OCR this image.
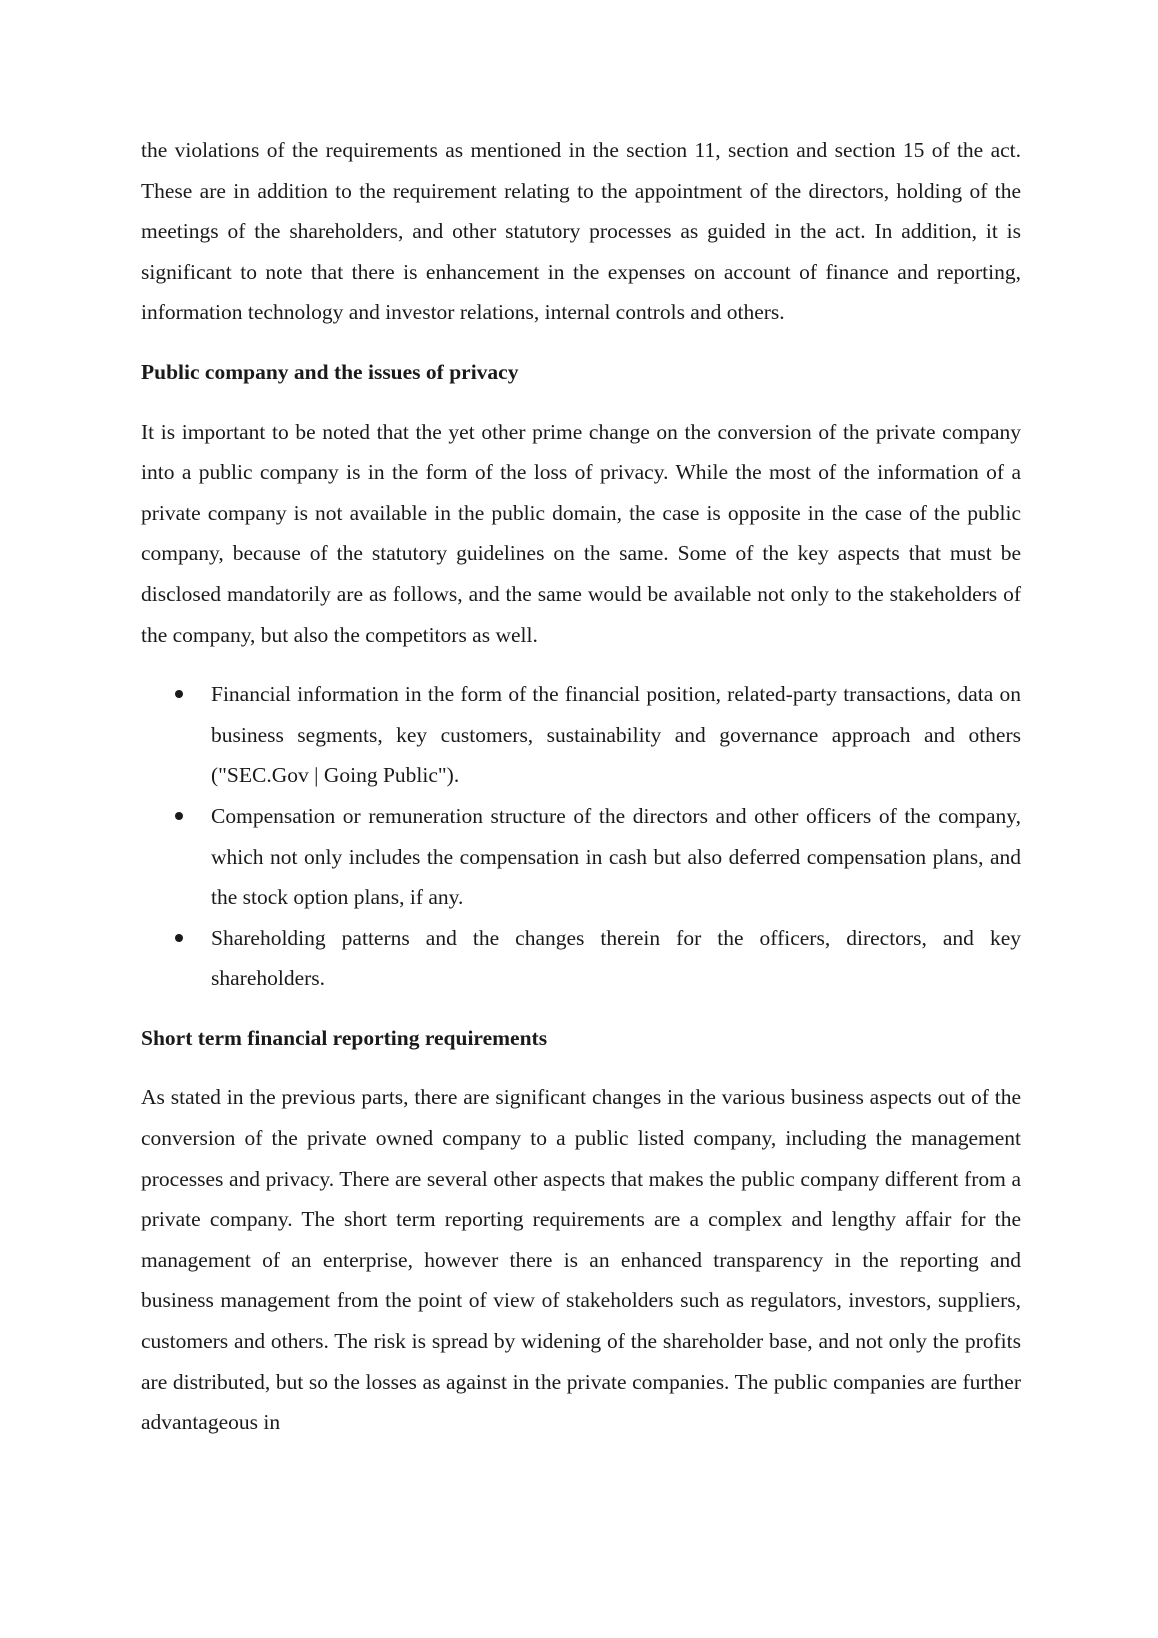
the violations of the requirements as mentioned in the section 11, section and section 15 of the act. These are in addition to the requirement relating to the appointment of the directors, holding of the meetings of the shareholders, and other statutory processes as guided in the act. In addition, it is significant to note that there is enhancement in the expenses on account of finance and reporting, information technology and investor relations, internal controls and others.

Public company and the issues of privacy

It is important to be noted that the yet other prime change on the conversion of the private company into a public company is in the form of the loss of privacy. While the most of the information of a private company is not available in the public domain, the case is opposite in the case of the public company, because of the statutory guidelines on the same. Some of the key aspects that must be disclosed mandatorily are as follows, and the same would be available not only to the stakeholders of the company, but also the competitors as well.

Financial information in the form of the financial position, related-party transactions, data on business segments, key customers, sustainability and governance approach and others ("SEC.Gov | Going Public").
Compensation or remuneration structure of the directors and other officers of the company, which not only includes the compensation in cash but also deferred compensation plans, and the stock option plans, if any.
Shareholding patterns and the changes therein for the officers, directors, and key shareholders.

Short term financial reporting requirements

As stated in the previous parts, there are significant changes in the various business aspects out of the conversion of the private owned company to a public listed company, including the management processes and privacy. There are several other aspects that makes the public company different from a private company. The short term reporting requirements are a complex and lengthy affair for the management of an enterprise, however there is an enhanced transparency in the reporting and business management from the point of view of stakeholders such as regulators, investors, suppliers, customers and others. The risk is spread by widening of the shareholder base, and not only the profits are distributed, but so the losses as against in the private companies. The public companies are further advantageous in
